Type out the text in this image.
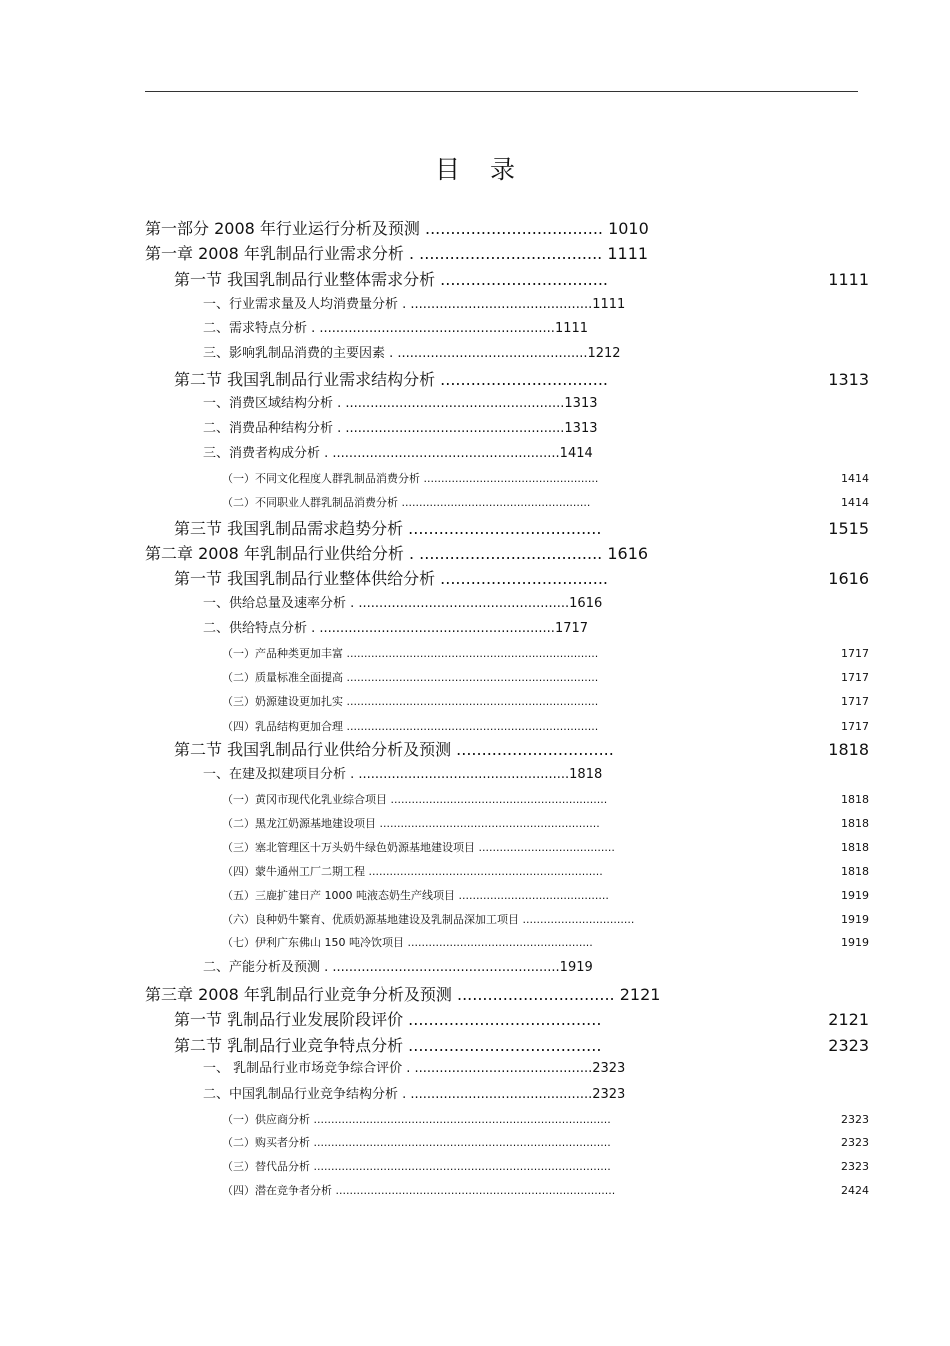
目 录
第一部分 2008 年行业运行分析及预测 ................................... 1010
第一章 2008 年乳制品行业需求分析 . .................................... 1111
第一节 我国乳制品行业整体需求分析 .................................	1111
一、行业需求量及人均消费量分析 . ............................................1111
二、需求特点分析 . .........................................................1111
三、影响乳制品消费的主要因素 . ..............................................1212
第二节 我国乳制品行业需求结构分析 .................................	1313
一、消费区域结构分析 . .....................................................1313
二、消费品种结构分析 . .....................................................1313
三、消费者构成分析 . .......................................................1414
（一）不同文化程度人群乳制品消费分析 ..................................................	1414
（二）不同职业人群乳制品消费分析 ......................................................	1414
第三节 我国乳制品需求趋势分析 ......................................	1515
第二章 2008 年乳制品行业供给分析 . .................................... 1616
第一节 我国乳制品行业整体供给分析 .................................	1616
一、供给总量及速率分析 . ...................................................1616
二、供给特点分析 . .........................................................1717
（一）产品种类更加丰富 ........................................................................	1717
（二）质量标准全面提高 ........................................................................	1717
（三）奶源建设更加扎实 ........................................................................	1717
（四）乳品结构更加合理 ........................................................................	1717
第二节 我国乳制品行业供给分析及预测 ...............................	1818
一、在建及拟建项目分析 . ...................................................1818
（一）黄冈市现代化乳业综合项目 ..............................................................	1818
（二）黑龙江奶源基地建设项目 ...............................................................	1818
（三）塞北管理区十万头奶牛绿色奶源基地建设项目 .......................................	1818
（四）蒙牛通州工厂二期工程 ...................................................................	1818
（五）三鹿扩建日产 1000 吨液态奶生产线项目 ...........................................	1919
（六）良种奶牛繁育、优质奶源基地建设及乳制品深加工项目 ................................	1919
（七）伊利广东佛山 150 吨冷饮项目 .....................................................	1919
二、产能分析及预测 . .......................................................1919
第三章 2008 年乳制品行业竞争分析及预测 ............................... 2121
第一节 乳制品行业发展阶段评价 ......................................	2121
第二节 乳制品行业竞争特点分析 ......................................	2323
一、 乳制品行业市场竞争综合评价 . ...........................................2323
二、中国乳制品行业竞争结构分析 . ............................................2323
（一）供应商分析 .....................................................................................	2323
（二）购买者分析 .....................................................................................	2323
（三）替代品分析 .....................................................................................	2323
（四）潜在竞争者分析 ................................................................................	2424
